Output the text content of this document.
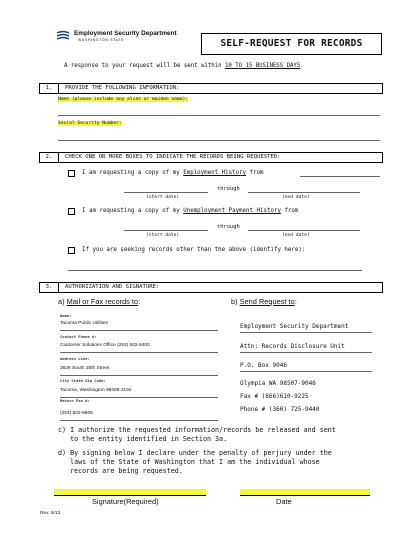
Employment Security Department
WASHINGTON STATE	SELF-REQUEST FOR RECORDS
A response to your request will be sent within 10 TO 15 BUSINESS DAYS.
1. PROVIDE THE FOLLOWING INFORMATION:
Name (please include any alias or maiden name):
Social Security Number:
2. CHECK ONE OR MORE BOXES TO INDICATE THE RECORDS BEING REQUESTED:
I am requesting a copy of my Employment History from
through
(start date)	(end date)
I am requesting a copy of my Unemployment Payment History from
through
(start date)	(end date)
If you are seeking records other than the above (identify here):
3. AUTHORIZATION AND SIGNATURE:
a) Mail or Fax records to:	b) Send Request to:
Name:
Tacoma Public Utilities
Contact Phone #:
Customer Solutions Office (253) 502-8400
Address Line:
3628 South 35th Street
City State Zip Code:
Tacoma, Washington 98409-3192
Return Fax #:
(253) 502-8608
Employment Security Department
Attn: Records Disclosure Unit
P.O. Box 9046
Olympia WA 98507-9046
Fax # (866)610-9225
Phone # (360) 725-9440
c) I authorize the requested information/records be released and sent
to the entity identified in Section 3a.
d) By signing below I declare under the penalty of perjury under the
laws of the State of Washington that I am the individual whose
records are being requested.
Signature(Required)	Date
Rev. 9/13
